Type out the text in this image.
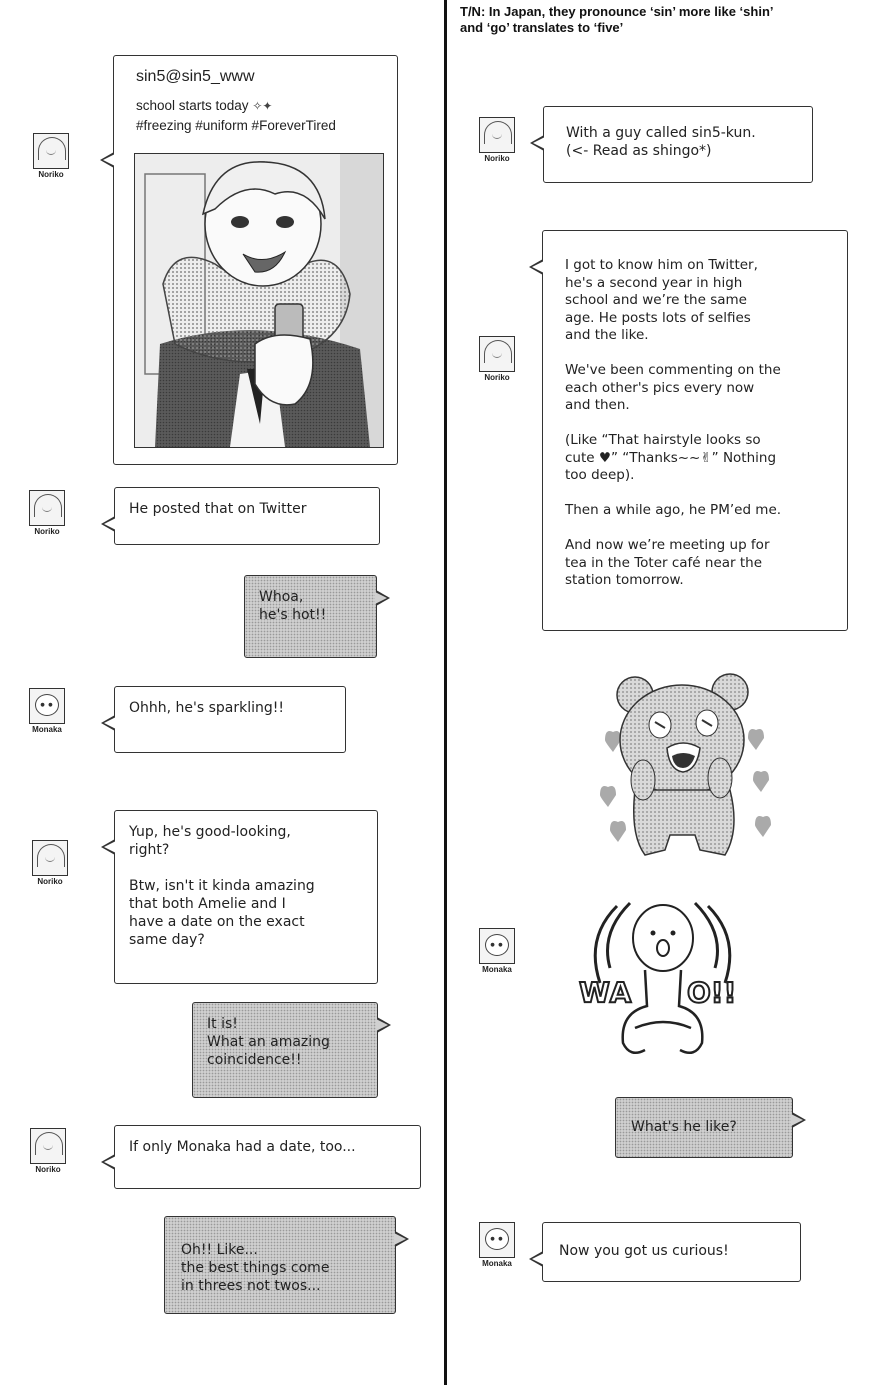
T/N: In Japan, they pronounce ‘sin’ more like ‘shin’
and ‘go’ translates to ‘five’
Noriko
sin5@sin5_www
school starts today ✧✦
#freezing #uniform #ForeverTired
Noriko
He posted that on Twitter
Whoa,
he's hot!!
● ●
Monaka
Ohhh, he's sparkling!!
Noriko
Yup, he's good-looking,
right?

Btw, isn't it kinda amazing
that both Amelie and I
have a date on the exact
same day?
It is!
What an amazing
coincidence!!
Noriko
If only Monaka had a date, too...
Oh!! Like...
the best things come
in threes not twos...
Noriko
With a guy called sin5-kun.
(<- Read as shingo*)
Noriko
I got to know him on Twitter,
he's a second year in high
school and we’re the same
age. He posts lots of selfies
and the like.

We've been commenting on the
each other's pics every now
and then.

(Like “That hairstyle looks so
cute ♥” “Thanks~~✌” Nothing
too deep).

Then a while ago, he PM’ed me.

And now we’re meeting up for
tea in the Toter café near the
station tomorrow.
● ●
Monaka
WA O!!
What's he like?
● ●
Monaka
Now you got us curious!
